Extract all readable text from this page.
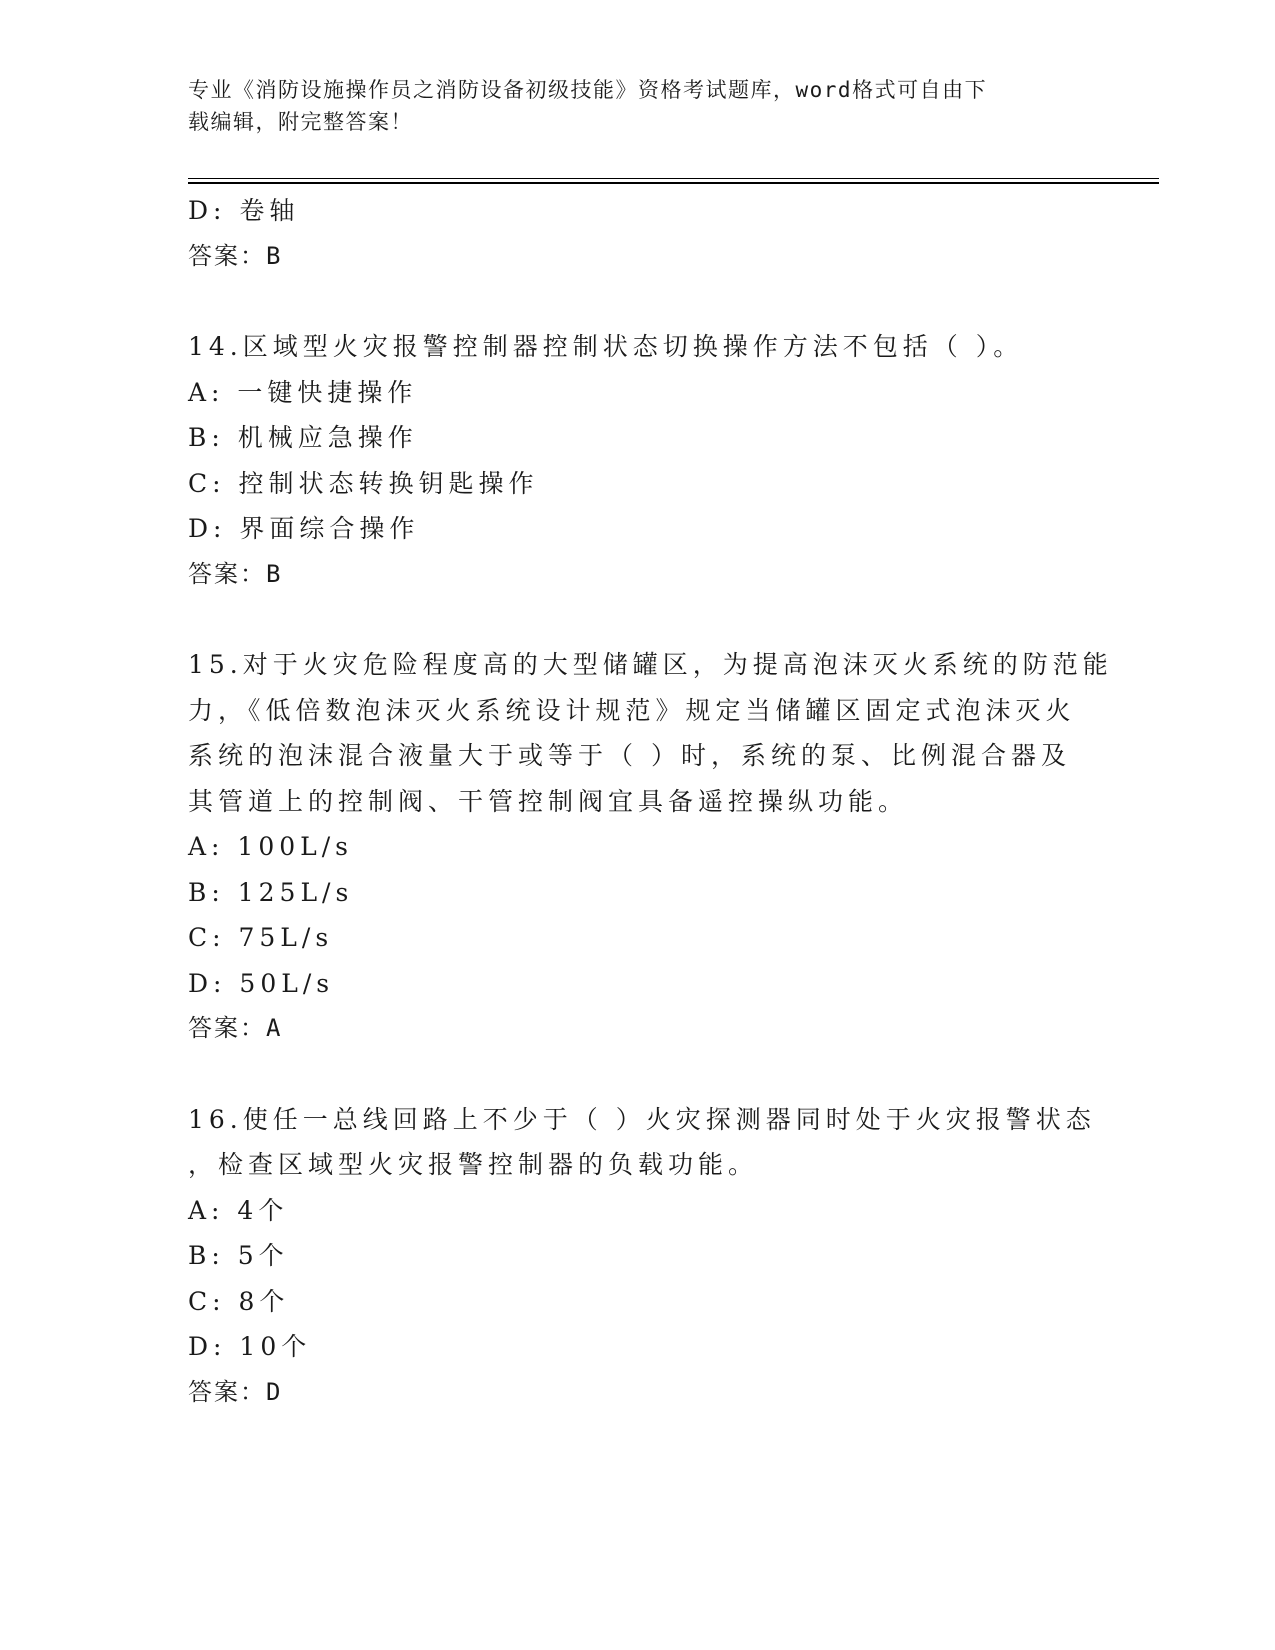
专业《消防设施操作员之消防设备初级技能》资格考试题库，word格式可自由下
载编辑，附完整答案！
D: 卷轴
答案：B
14.区域型火灾报警控制器控制状态切换操作方法不包括（ ）。
A: 一键快捷操作
B: 机械应急操作
C: 控制状态转换钥匙操作
D: 界面综合操作
答案：B
15.对于火灾危险程度高的大型储罐区，为提高泡沫灭火系统的防范能
力，《低倍数泡沫灭火系统设计规范》规定当储罐区固定式泡沫灭火
系统的泡沫混合液量大于或等于（ ）时，系统的泵、比例混合器及
其管道上的控制阀、干管控制阀宜具备遥控操纵功能。
A: 100L/s
B: 125L/s
C: 75L/s
D: 50L/s
答案：A
16.使任一总线回路上不少于（ ）火灾探测器同时处于火灾报警状态
，检查区域型火灾报警控制器的负载功能。
A: 4个
B: 5个
C: 8个
D: 10个
答案：D
